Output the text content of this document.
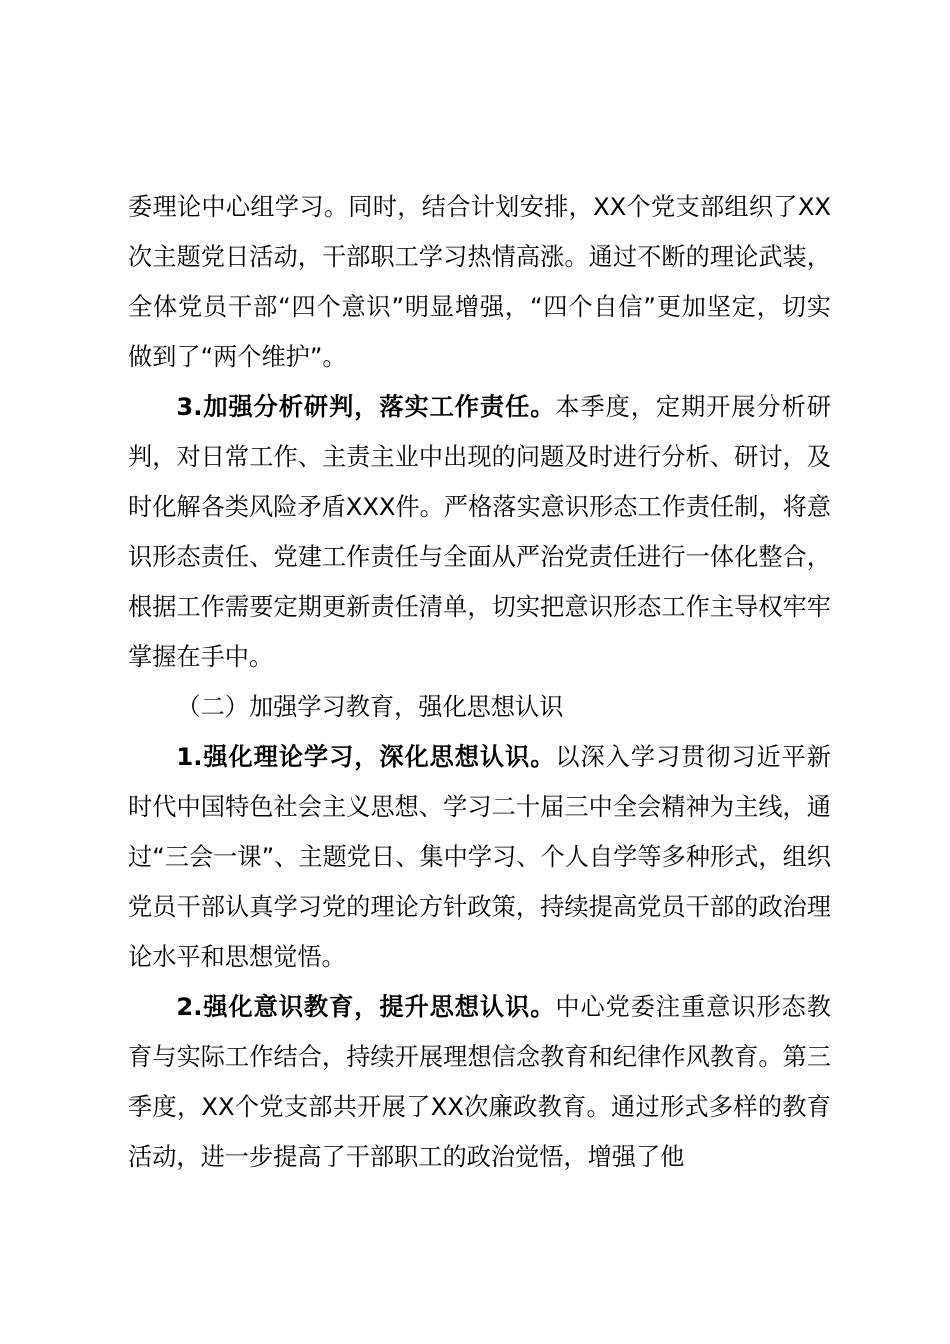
委理论中心组学习。同时，结合计划安排，XX个党支部组织了XX次主题党日活动，干部职工学习热情高涨。通过不断的理论武装，全体党员干部“四个意识”明显增强，“四个自信”更加坚定，切实做到了“两个维护”。

3.加强分析研判，落实工作责任。本季度，定期开展分析研判，对日常工作、主责主业中出现的问题及时进行分析、研讨，及时化解各类风险矛盾XXX件。严格落实意识形态工作责任制，将意识形态责任、党建工作责任与全面从严治党责任进行一体化整合，根据工作需要定期更新责任清单，切实把意识形态工作主导权牢牢掌握在手中。

（二）加强学习教育，强化思想认识

1.强化理论学习，深化思想认识。以深入学习贯彻习近平新时代中国特色社会主义思想、学习二十届三中全会精神为主线，通过“三会一课”、主题党日、集中学习、个人自学等多种形式，组织党员干部认真学习党的理论方针政策，持续提高党员干部的政治理论水平和思想觉悟。

2.强化意识教育，提升思想认识。中心党委注重意识形态教育与实际工作结合，持续开展理想信念教育和纪律作风教育。第三季度，XX个党支部共开展了XX次廉政教育。通过形式多样的教育活动，进一步提高了干部职工的政治觉悟，增强了他
